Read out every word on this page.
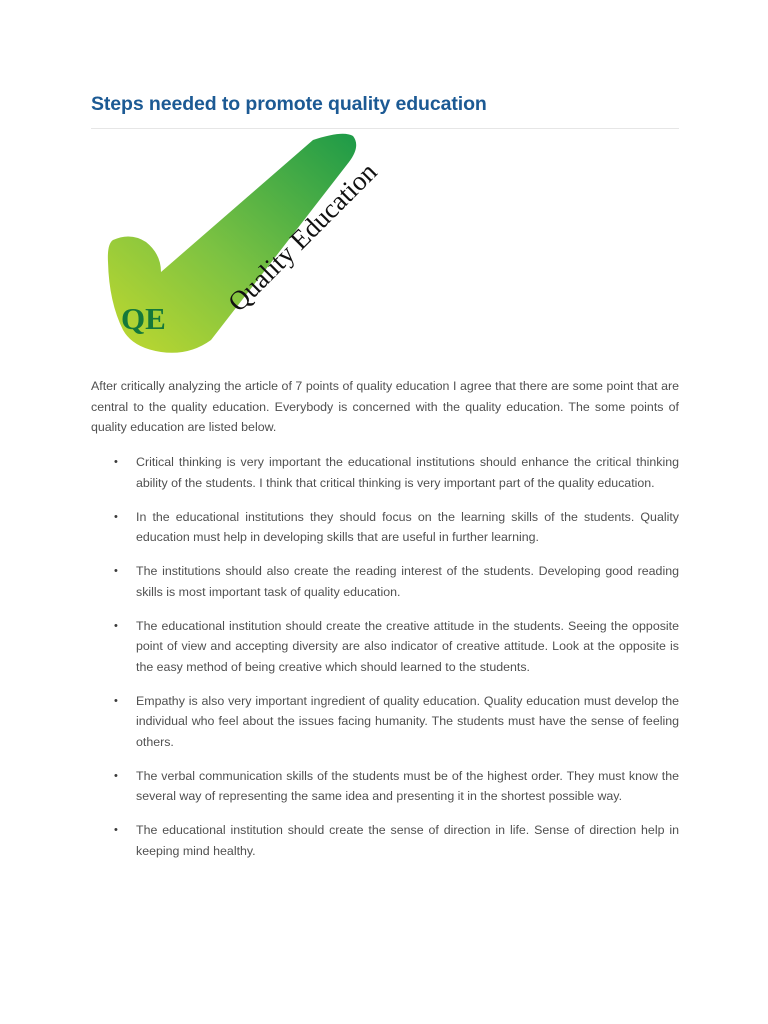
Steps needed to promote quality education
QE
Quality Education

After critically analyzing the article of 7 points of quality education I agree that there are some point that are central to the quality education. Everybody is concerned with the quality education. The some points of quality education are listed below.

• Critical thinking is very important the educational institutions should enhance the critical thinking ability of the students. I think that critical thinking is very important part of the quality education.
• In the educational institutions they should focus on the learning skills of the students. Quality education must help in developing skills that are useful in further learning.
• The institutions should also create the reading interest of the students. Developing good reading skills is most important task of quality education.
• The educational institution should create the creative attitude in the students. Seeing the opposite point of view and accepting diversity are also indicator of creative attitude. Look at the opposite is the easy method of being creative which should learned to the students.
• Empathy is also very important ingredient of quality education. Quality education must develop the individual who feel about the issues facing humanity. The students must have the sense of feeling others.
• The verbal communication skills of the students must be of the highest order. They must know the several way of representing the same idea and presenting it in the shortest possible way.
• The educational institution should create the sense of direction in life. Sense of direction help in keeping mind healthy.
